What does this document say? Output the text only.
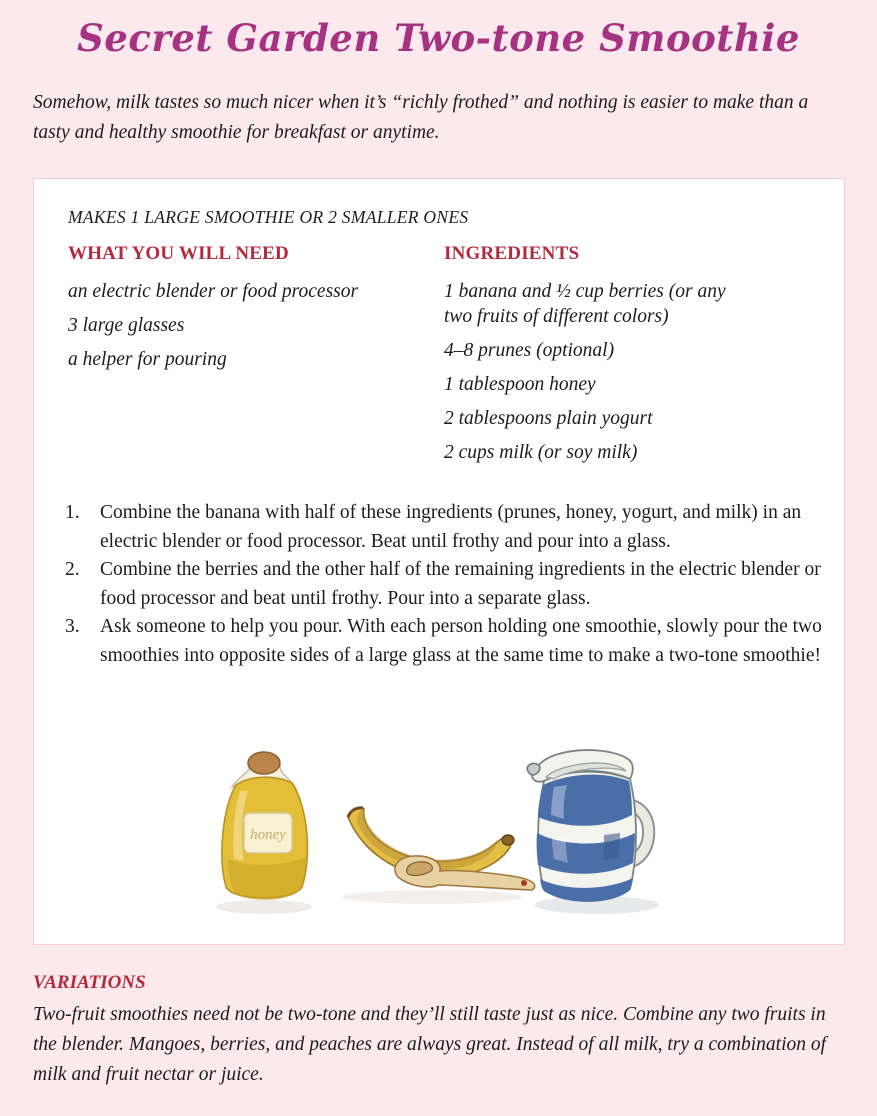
Secret Garden Two-tone Smoothie
Somehow, milk tastes so much nicer when it’s “richly frothed” and nothing is easier to make than a tasty and healthy smoothie for breakfast or anytime.
MAKES 1 LARGE SMOOTHIE OR 2 SMALLER ONES

WHAT YOU WILL NEED

an electric blender or food processor

3 large glasses

a helper for pouring

INGREDIENTS

1 banana and ½ cup berries (or any two fruits of different colors)

4–8 prunes (optional)

1 tablespoon honey

2 tablespoons plain yogurt

2 cups milk (or soy milk)

1.	Combine the banana with half of these ingredients (prunes, honey, yogurt, and milk) in an electric blender or food processor. Beat until frothy and pour into a glass.
2.	Combine the berries and the other half of the remaining ingredients in the electric blender or food processor and beat until frothy. Pour into a separate glass.
3.	Ask someone to help you pour. With each person holding one smoothie, slowly pour the two smoothies into opposite sides of a large glass at the same time to make a two-tone smoothie!
honey

VARIATIONS

Two-fruit smoothies need not be two-tone and they’ll still taste just as nice. Combine any two fruits in the blender. Mangoes, berries, and peaches are always great. Instead of all milk, try a combination of milk and fruit nectar or juice.
